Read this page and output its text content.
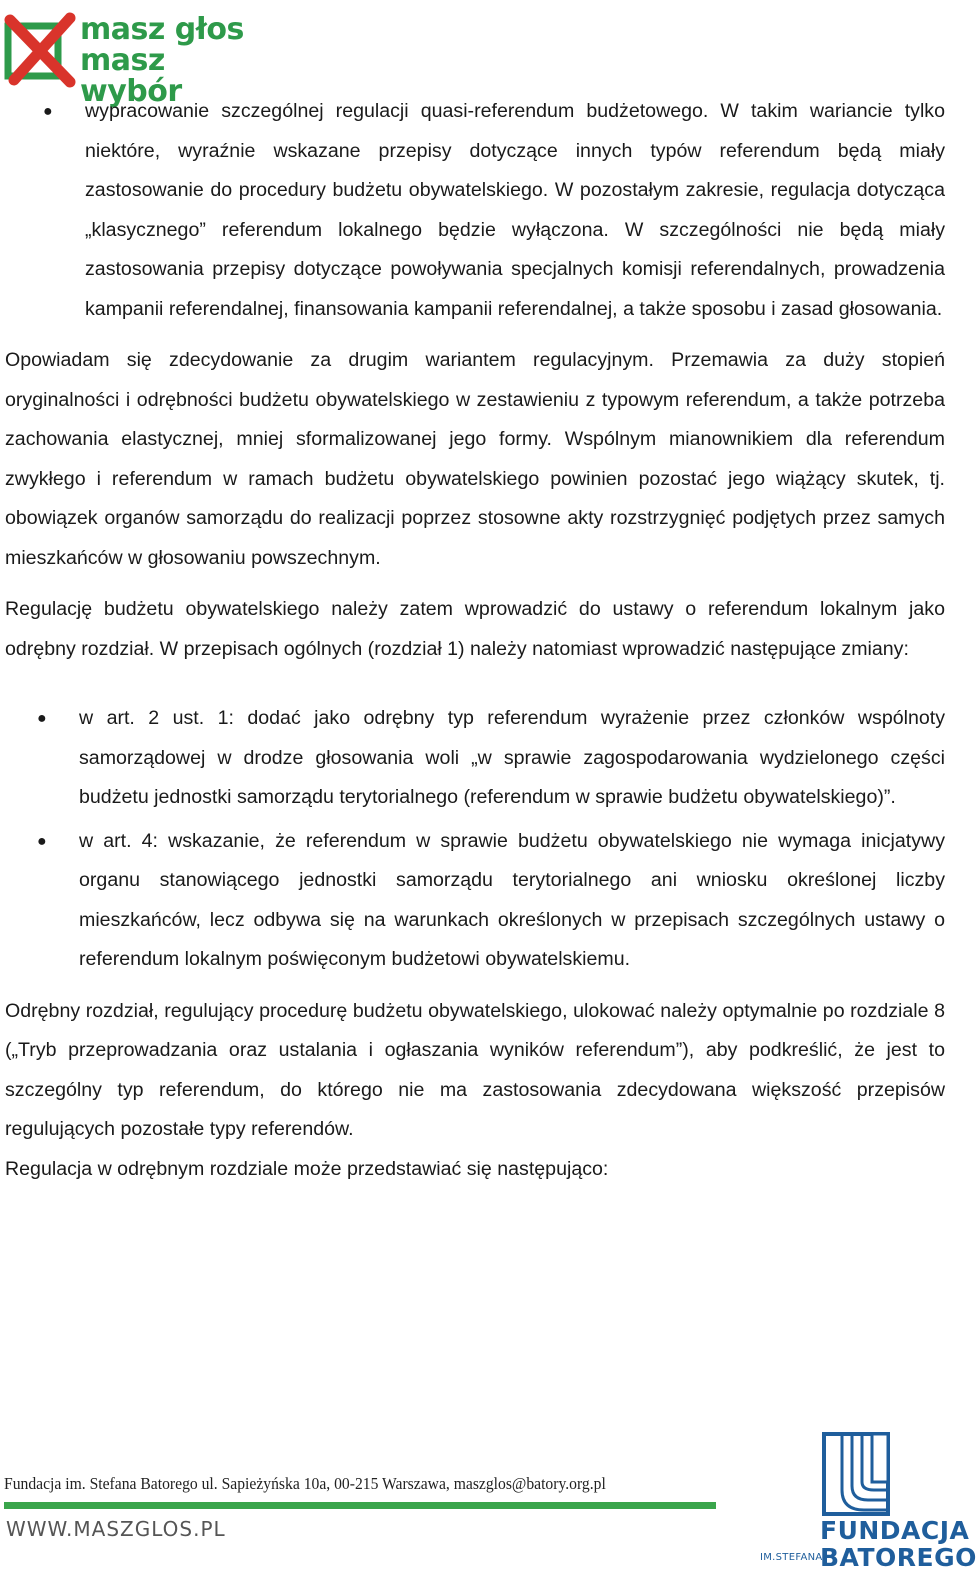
masz głos
masz wybór
● wypracowanie szczególnej regulacji quasi-referendum budżetowego. W takim wariancie tylko niektóre, wyraźnie wskazane przepisy dotyczące innych typów referendum będą miały zastosowanie do procedury budżetu obywatelskiego. W pozostałym zakresie, regulacja dotycząca „klasycznego” referendum lokalnego będzie wyłączona. W szczególności nie będą miały zastosowania przepisy dotyczące powoływania specjalnych komisji referendalnych, prowadzenia kampanii referendalnej, finansowania kampanii referendalnej, a także sposobu i zasad głosowania.

Opowiadam się zdecydowanie za drugim wariantem regulacyjnym. Przemawia za duży stopień oryginalności i odrębności budżetu obywatelskiego w zestawieniu z typowym referendum, a także potrzeba zachowania elastycznej, mniej sformalizowanej jego formy. Wspólnym mianownikiem dla referendum zwykłego i referendum w ramach budżetu obywatelskiego powinien pozostać jego wiążący skutek, tj. obowiązek organów samorządu do realizacji poprzez stosowne akty rozstrzygnięć podjętych przez samych mieszkańców w głosowaniu powszechnym.

Regulację budżetu obywatelskiego należy zatem wprowadzić do ustawy o referendum lokalnym jako odrębny rozdział. W przepisach ogólnych (rozdział 1) należy natomiast wprowadzić następujące zmiany:

● w art. 2 ust. 1: dodać jako odrębny typ referendum wyrażenie przez członków wspólnoty samorządowej w drodze głosowania woli „w sprawie zagospodarowania wydzielonego części budżetu jednostki samorządu terytorialnego (referendum w sprawie budżetu obywatelskiego)”.
● w art. 4: wskazanie, że referendum w sprawie budżetu obywatelskiego nie wymaga inicjatywy organu stanowiącego jednostki samorządu terytorialnego ani wniosku określonej liczby mieszkańców, lecz odbywa się na warunkach określonych w przepisach szczególnych ustawy o referendum lokalnym poświęconym budżetowi obywatelskiemu.

Odrębny rozdział, regulujący procedurę budżetu obywatelskiego, ulokować należy optymalnie po rozdziale 8 („Tryb przeprowadzania oraz ustalania i ogłaszania wyników referendum”), aby podkreślić, że jest to szczególny typ referendum, do którego nie ma zastosowania zdecydowana większość przepisów regulujących pozostałe typy referendów.

Regulacja w odrębnym rozdziale może przedstawiać się następująco:

Fundacja im. Stefana Batorego ul. Sapieżyńska 10a, 00-215 Warszawa, maszglos@batory.org.pl
WWW.MASZGLOS.PL	FUNDACJA
IM.STEFANA
BATOREGO
